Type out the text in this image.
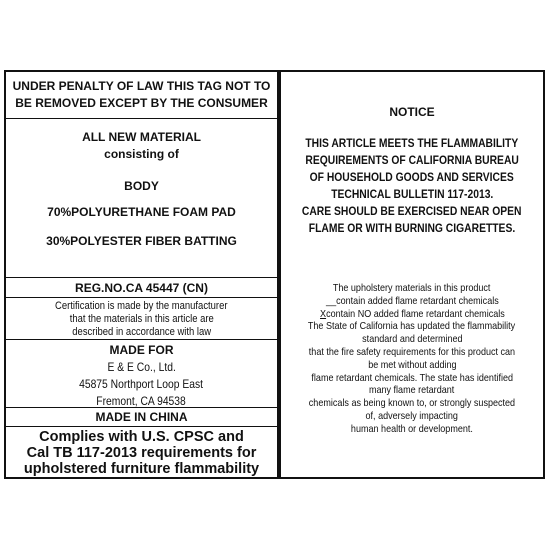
UNDER PENALTY OF LAW THIS TAG NOT TO
BE REMOVED EXCEPT BY THE CONSUMER
ALL NEW MATERIAL
consisting of
BODY
70%POLYURETHANE FOAM PAD
30%POLYESTER FIBER BATTING
REG.NO.CA 45447 (CN)
Certification is made by the manufacturer
that the materials in this article are
described in accordance with law
MADE FOR
E & E Co., Ltd.
45875 Northport Loop East
Fremont, CA 94538
MADE IN CHINA
Complies with U.S. CPSC and
Cal TB 117-2013 requirements for
upholstered furniture flammability
NOTICE
THIS ARTICLE MEETS THE FLAMMABILITY
REQUIREMENTS OF CALIFORNIA BUREAU
OF HOUSEHOLD GOODS AND SERVICES
TECHNICAL BULLETIN 117-2013.
CARE SHOULD BE EXERCISED NEAR OPEN
FLAME OR WITH BURNING CIGARETTES.
The upholstery materials in this product
__contain added flame retardant chemicals
Xcontain NO added flame retardant chemicals
The State of California has updated the flammability
standard and determined
that the fire safety requirements for this product can
be met without adding
flame retardant chemicals. The state has identified
many flame retardant
chemicals as being known to, or strongly suspected
of, adversely impacting
human health or development.
